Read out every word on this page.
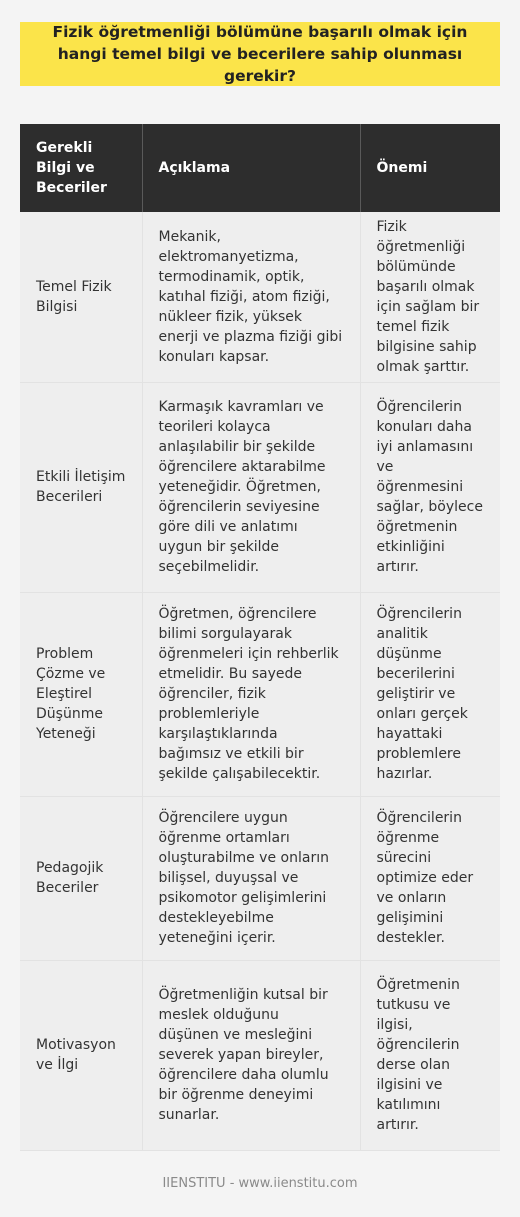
Fizik öğretmenliği bölümüne başarılı olmak için hangi temel bilgi ve becerilere sahip olunması gerekir?
Gerekli Bilgi ve Beceriler	Açıklama	Önemi
Temel Fizik Bilgisi	Mekanik, elektromanyetizma, termodinamik, optik, katıhal fiziği, atom fiziği, nükleer fizik, yüksek enerji ve plazma fiziği gibi konuları kapsar.	Fizik öğretmenliği bölümünde başarılı olmak için sağlam bir temel fizik bilgisine sahip olmak şarttır.
Etkili İletişim Becerileri	Karmaşık kavramları ve teorileri kolayca anlaşılabilir bir şekilde öğrencilere aktarabilme yeteneğidir. Öğretmen, öğrencilerin seviyesine göre dili ve anlatımı uygun bir şekilde seçebilmelidir.	Öğrencilerin konuları daha iyi anlamasını ve öğrenmesini sağlar, böylece öğretmenin etkinliğini artırır.
Problem Çözme ve Eleştirel Düşünme Yeteneği	Öğretmen, öğrencilere bilimi sorgulayarak öğrenmeleri için rehberlik etmelidir. Bu sayede öğrenciler, fizik problemleriyle karşılaştıklarında bağımsız ve etkili bir şekilde çalışabilecektir.	Öğrencilerin analitik düşünme becerilerini geliştirir ve onları gerçek hayattaki problemlere hazırlar.
Pedagojik Beceriler	Öğrencilere uygun öğrenme ortamları oluşturabilme ve onların bilişsel, duyuşsal ve psikomotor gelişimlerini destekleyebilme yeteneğini içerir.	Öğrencilerin öğrenme sürecini optimize eder ve onların gelişimini destekler.
Motivasyon ve İlgi	Öğretmenliğin kutsal bir meslek olduğunu düşünen ve mesleğini severek yapan bireyler, öğrencilere daha olumlu bir öğrenme deneyimi sunarlar.	Öğretmenin tutkusu ve ilgisi, öğrencilerin derse olan ilgisini ve katılımını artırır.
IIENSTITU - www.iienstitu.com
